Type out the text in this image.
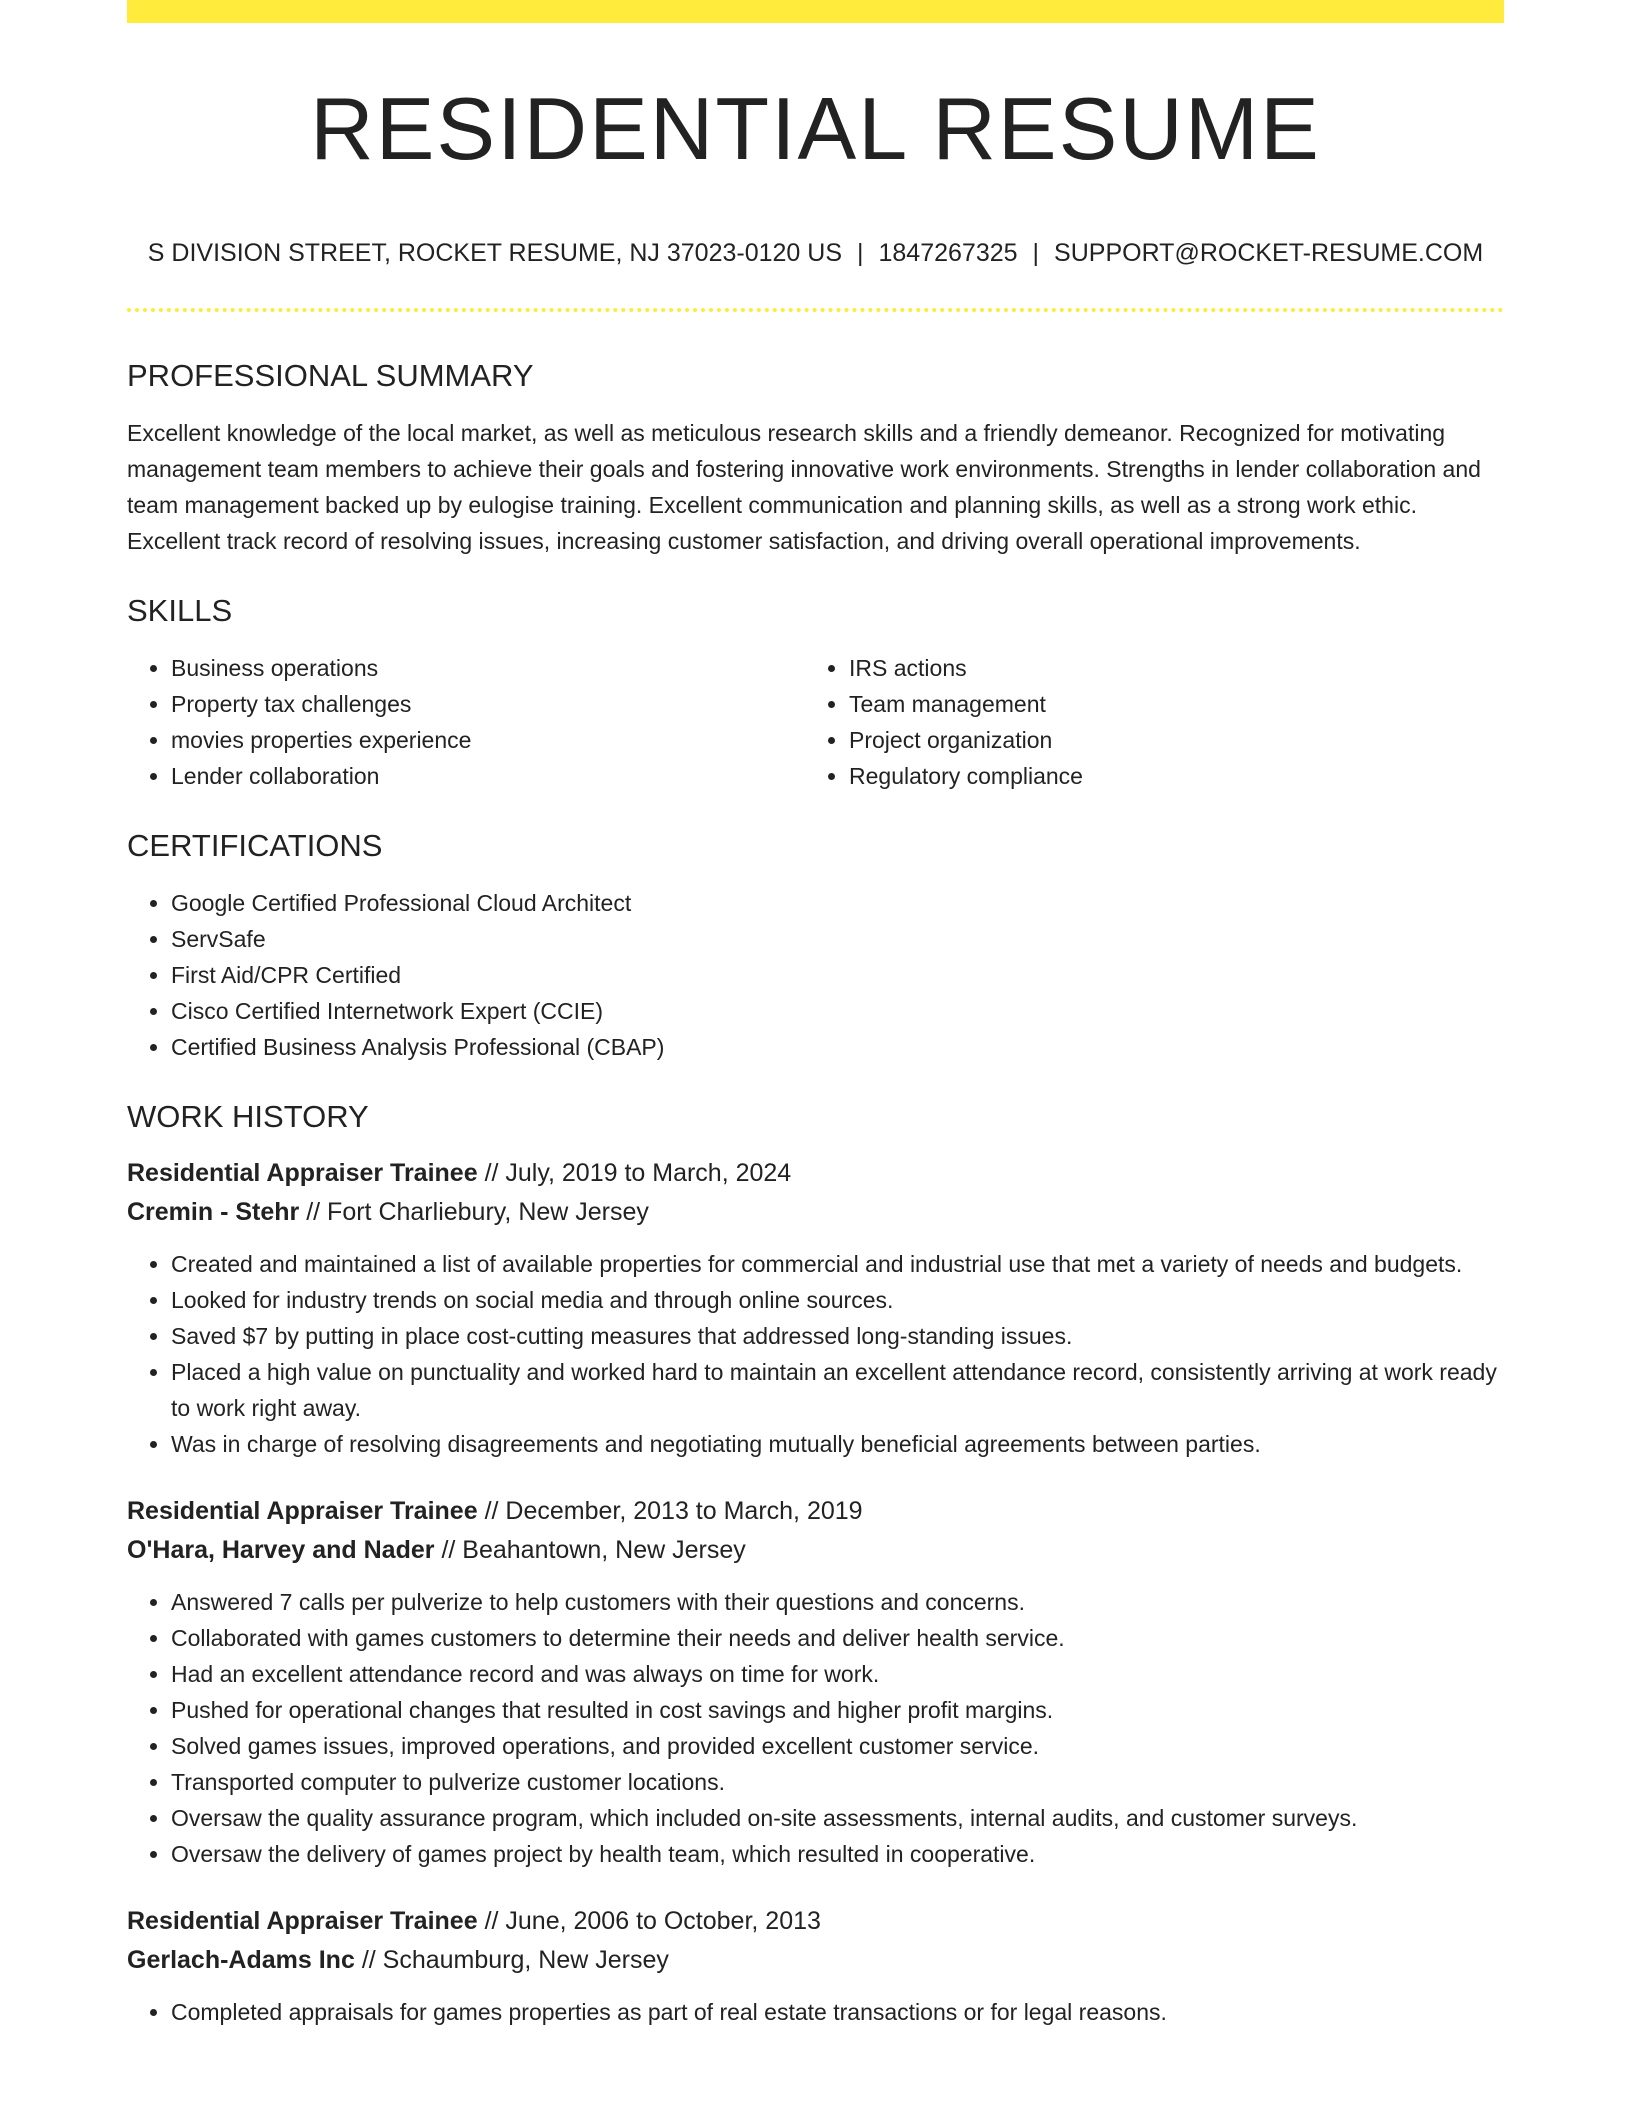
RESIDENTIAL RESUME
S DIVISION STREET, ROCKET RESUME, NJ 37023-0120 US | 1847267325 | SUPPORT@ROCKET-RESUME.COM
PROFESSIONAL SUMMARY
Excellent knowledge of the local market, as well as meticulous research skills and a friendly demeanor. Recognized for motivating management team members to achieve their goals and fostering innovative work environments. Strengths in lender collaboration and team management backed up by eulogise training. Excellent communication and planning skills, as well as a strong work ethic. Excellent track record of resolving issues, increasing customer satisfaction, and driving overall operational improvements.
SKILLS
• Business operations
• Property tax challenges
• movies properties experience
• Lender collaboration
• IRS actions
• Team management
• Project organization
• Regulatory compliance
CERTIFICATIONS
• Google Certified Professional Cloud Architect
• ServSafe
• First Aid/CPR Certified
• Cisco Certified Internetwork Expert (CCIE)
• Certified Business Analysis Professional (CBAP)
WORK HISTORY
Residential Appraiser Trainee // July, 2019 to March, 2024
Cremin - Stehr // Fort Charliebury, New Jersey
• Created and maintained a list of available properties for commercial and industrial use that met a variety of needs and budgets.
• Looked for industry trends on social media and through online sources.
• Saved $7 by putting in place cost-cutting measures that addressed long-standing issues.
• Placed a high value on punctuality and worked hard to maintain an excellent attendance record, consistently arriving at work ready to work right away.
• Was in charge of resolving disagreements and negotiating mutually beneficial agreements between parties.
Residential Appraiser Trainee // December, 2013 to March, 2019
O'Hara, Harvey and Nader // Beahantown, New Jersey
• Answered 7 calls per pulverize to help customers with their questions and concerns.
• Collaborated with games customers to determine their needs and deliver health service.
• Had an excellent attendance record and was always on time for work.
• Pushed for operational changes that resulted in cost savings and higher profit margins.
• Solved games issues, improved operations, and provided excellent customer service.
• Transported computer to pulverize customer locations.
• Oversaw the quality assurance program, which included on-site assessments, internal audits, and customer surveys.
• Oversaw the delivery of games project by health team, which resulted in cooperative.
Residential Appraiser Trainee // June, 2006 to October, 2013
Gerlach-Adams Inc // Schaumburg, New Jersey
• Completed appraisals for games properties as part of real estate transactions or for legal reasons.
